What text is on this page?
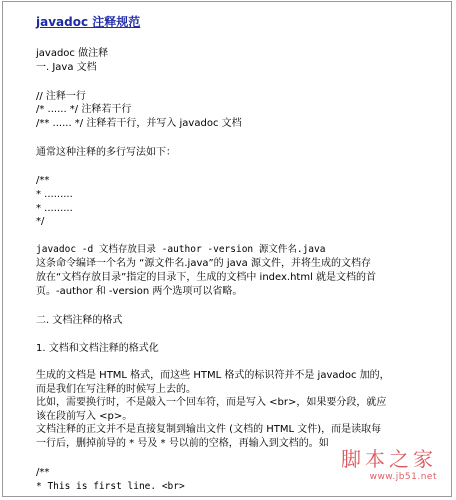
javadoc 注释规范
javadoc 做注释
一. Java 文档
// 注释一行
/* ...... */ 注释若干行
/** ...... */ 注释若干行，并写入 javadoc 文档
通常这种注释的多行写法如下：
/**
* .........
* .........
*/
javadoc -d 文档存放目录 -author -version 源文件名.java
这条命令编译一个名为 “源文件名.java”的 java 源文件，并将生成的文档存
放在“文档存放目录”指定的目录下，生成的文档中 index.html 就是文档的首
页。-author 和 -version 两个选项可以省略。
二. 文档注释的格式
1. 文档和文档注释的格式化
生成的文档是 HTML 格式，而这些 HTML 格式的标识符并不是 javadoc 加的，
而是我们在写注释的时候写上去的。
比如，需要换行时，不是敲入一个回车符，而是写入 <br>，如果要分段，就应
该在段前写入 <p>。
文档注释的正文并不是直接复制到输出文件 (文档的 HTML 文件)，而是读取每
一行后，删掉前导的 * 号及 * 号以前的空格，再输入到文档的。如
/**
* This is first line. <br>
脚本之家
www.jb51.net
